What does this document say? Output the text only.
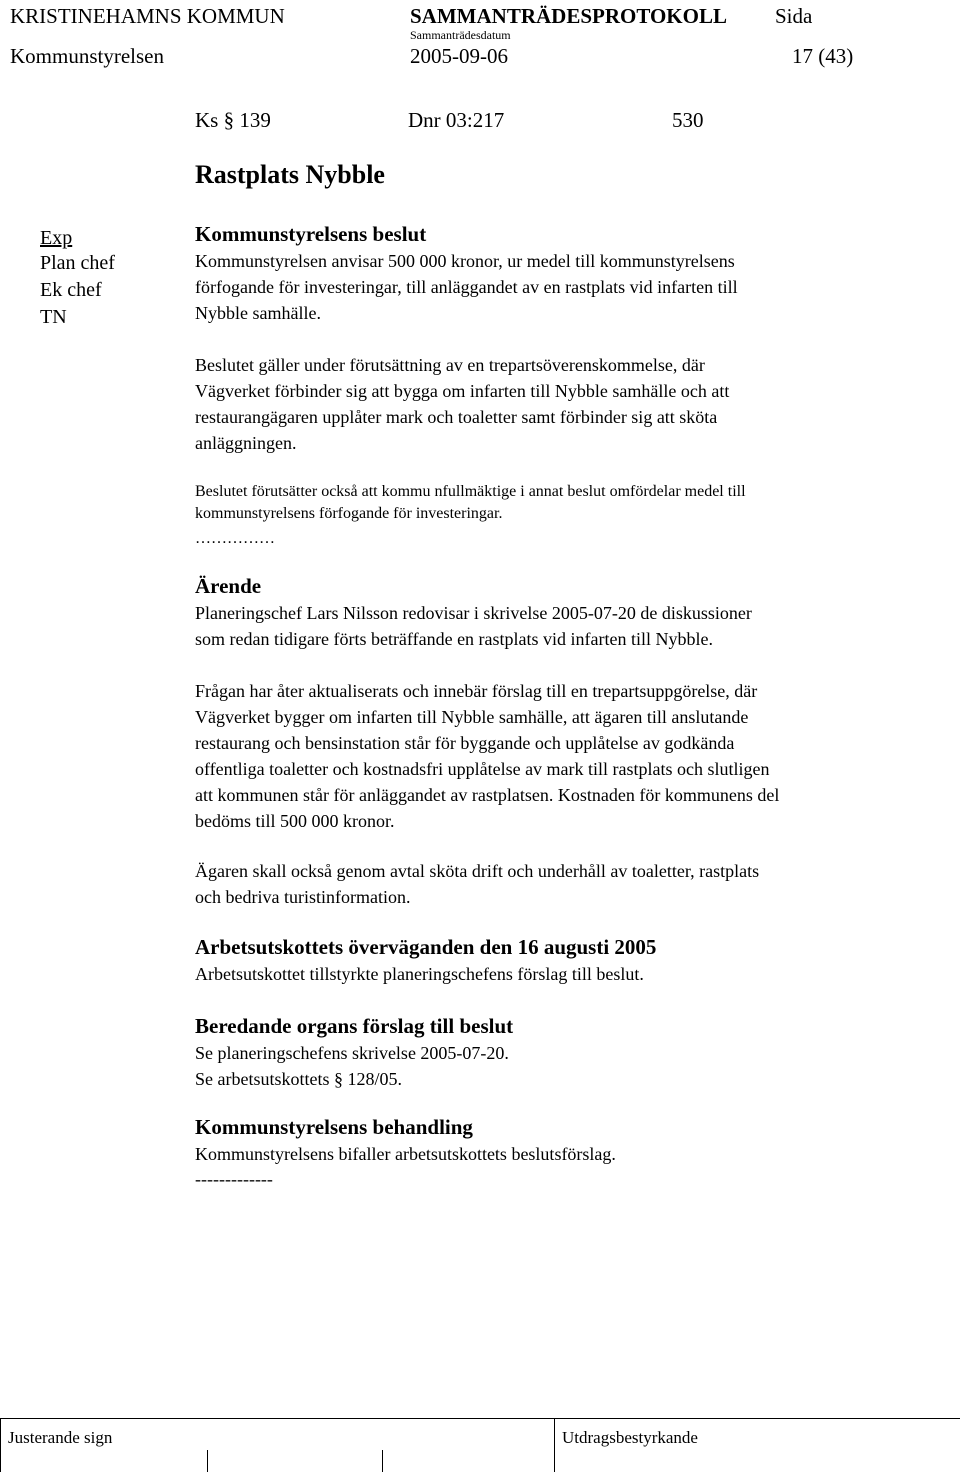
KRISTINEHAMNS KOMMUN	SAMMANTRÄDESPROTOKOLL Sida
Sammanträdesdatum
Kommunstyrelsen	2005-09-06	17 (43)
Ks § 139	Dnr 03:217	530
Rastplats Nybble
Exp
Plan chef
Ek chef
TN
Kommunstyrelsens beslut

Kommunstyrelsen anvisar 500 000 kronor, ur medel till kommunstyrelsens

förfogande för investeringar, till anläggandet av en rastplats vid infarten till

Nybble samhälle.

Beslutet gäller under förutsättning av en trepartsöverenskommelse, där

Vägverket förbinder sig att bygga om infarten till Nybble samhälle och att

restaurangägaren upplåter mark och toaletter samt förbinder sig att sköta

anläggningen.

Beslutet förutsätter också att kommu nfullmäktige i annat beslut omfördelar medel till

kommunstyrelsens förfogande för investeringar.

……………
Ärende

Planeringschef Lars Nilsson redovisar i skrivelse 2005-07-20 de diskussioner

som redan tidigare förts beträffande en rastplats vid infarten till Nybble.

Frågan har åter aktualiserats och innebär förslag till en trepartsuppgörelse, där

Vägverket bygger om infarten till Nybble samhälle, att ägaren till anslutande

restaurang och bensinstation står för byggande och upplåtelse av godkända

offentliga toaletter och kostnadsfri upplåtelse av mark till rastplats och slutligen

att kommunen står för anläggandet av rastplatsen. Kostnaden för kommunens del

bedöms till 500 000 kronor.

Ägaren skall också genom avtal sköta drift och underhåll av toaletter, rastplats

och bedriva turistinformation.

Arbetsutskottets överväganden den 16 augusti 2005
Arbetsutskottet tillstyrkte planeringschefens förslag till beslut.
Beredande organs förslag till beslut

Se planeringschefens skrivelse 2005-07-20.

Se arbetsutskottets § 128/05.

Kommunstyrelsens behandling
Kommunstyrelsens bifaller arbetsutskottets beslutsförslag.
-------------
Justerande sign	Utdragsbestyrkande
